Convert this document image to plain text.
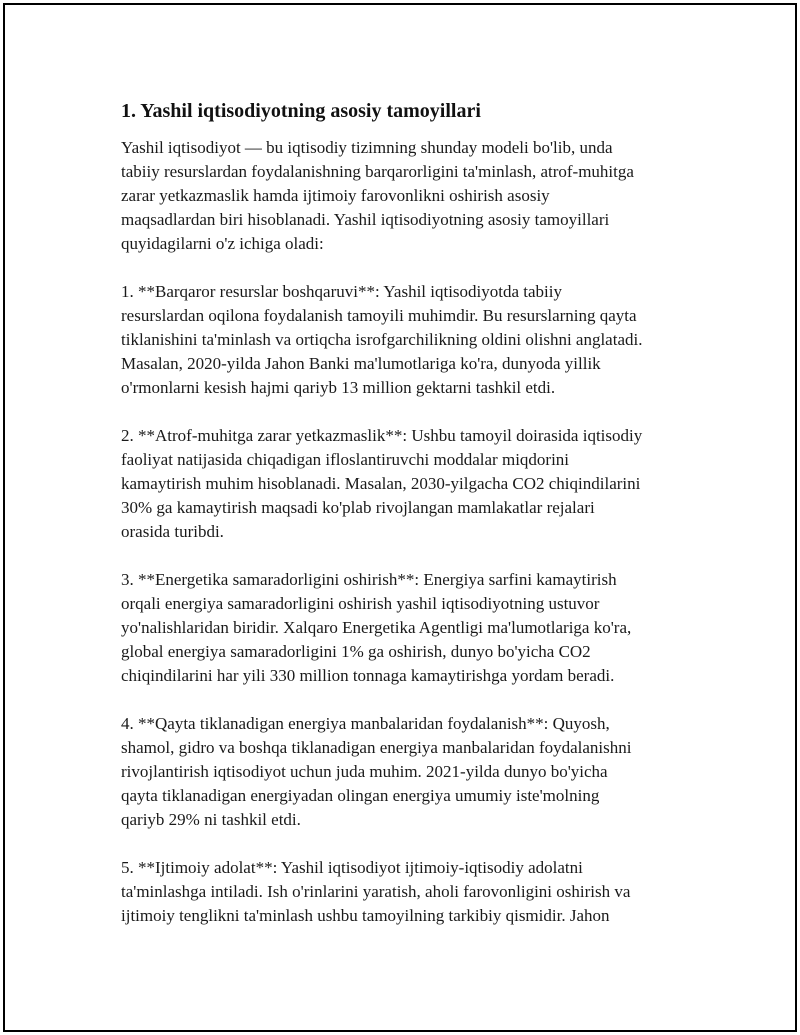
1. Yashil iqtisodiyotning asosiy tamoyillari

Yashil iqtisodiyot — bu iqtisodiy tizimning shunday modeli bo'lib, unda
tabiiy resurslardan foydalanishning barqarorligini ta'minlash, atrof-muhitga
zarar yetkazmaslik hamda ijtimoiy farovonlikni oshirish asosiy
maqsadlardan biri hisoblanadi. Yashil iqtisodiyotning asosiy tamoyillari
quyidagilarni o'z ichiga oladi:

1. **Barqaror resurslar boshqaruvi**: Yashil iqtisodiyotda tabiiy
resurslardan oqilona foydalanish tamoyili muhimdir. Bu resurslarning qayta
tiklanishini ta'minlash va ortiqcha isrofgarchilikning oldini olishni anglatadi.
Masalan, 2020-yilda Jahon Banki ma'lumotlariga ko'ra, dunyoda yillik
o'rmonlarni kesish hajmi qariyb 13 million gektarni tashkil etdi.

2. **Atrof-muhitga zarar yetkazmaslik**: Ushbu tamoyil doirasida iqtisodiy
faoliyat natijasida chiqadigan ifloslantiruvchi moddalar miqdorini
kamaytirish muhim hisoblanadi. Masalan, 2030-yilgacha CO2 chiqindilarini
30% ga kamaytirish maqsadi ko'plab rivojlangan mamlakatlar rejalari
orasida turibdi.

3. **Energetika samaradorligini oshirish**: Energiya sarfini kamaytirish
orqali energiya samaradorligini oshirish yashil iqtisodiyotning ustuvor
yo'nalishlaridan biridir. Xalqaro Energetika Agentligi ma'lumotlariga ko'ra,
global energiya samaradorligini 1% ga oshirish, dunyo bo'yicha CO2
chiqindilarini har yili 330 million tonnaga kamaytirishga yordam beradi.

4. **Qayta tiklanadigan energiya manbalaridan foydalanish**: Quyosh,
shamol, gidro va boshqa tiklanadigan energiya manbalaridan foydalanishni
rivojlantirish iqtisodiyot uchun juda muhim. 2021-yilda dunyo bo'yicha
qayta tiklanadigan energiyadan olingan energiya umumiy iste'molning
qariyb 29% ni tashkil etdi.

5. **Ijtimoiy adolat**: Yashil iqtisodiyot ijtimoiy-iqtisodiy adolatni
ta'minlashga intiladi. Ish o'rinlarini yaratish, aholi farovonligini oshirish va
ijtimoiy tenglikni ta'minlash ushbu tamoyilning tarkibiy qismidir. Jahon
